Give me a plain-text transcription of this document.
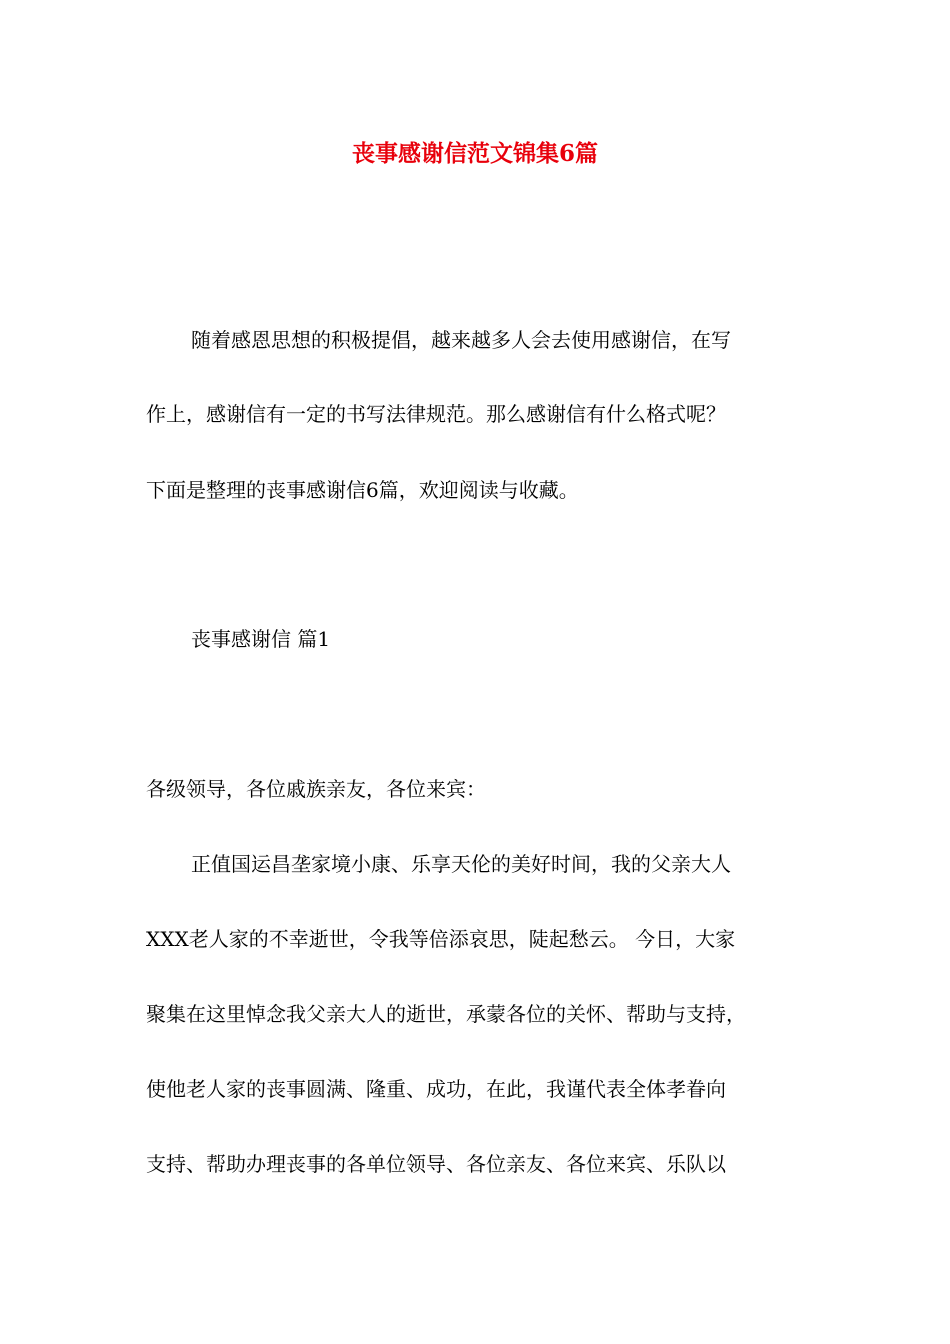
丧事感谢信范文锦集6篇
随着感恩思想的积极提倡，越来越多人会去使用感谢信，在写
作上，感谢信有一定的书写法律规范。那么感谢信有什么格式呢？
下面是整理的丧事感谢信6篇，欢迎阅读与收藏。
丧事感谢信 篇1
各级领导，各位戚族亲友，各位来宾：
正值国运昌垄家境小康、乐享天伦的美好时间，我的父亲大人
XXX老人家的不幸逝世，令我等倍添哀思，陡起愁云。 今日，大家
聚集在这里悼念我父亲大人的逝世，承蒙各位的关怀、帮助与支持，
使他老人家的丧事圆满、隆重、成功，在此，我谨代表全体孝眷向
支持、帮助办理丧事的各单位领导、各位亲友、各位来宾、乐队以
